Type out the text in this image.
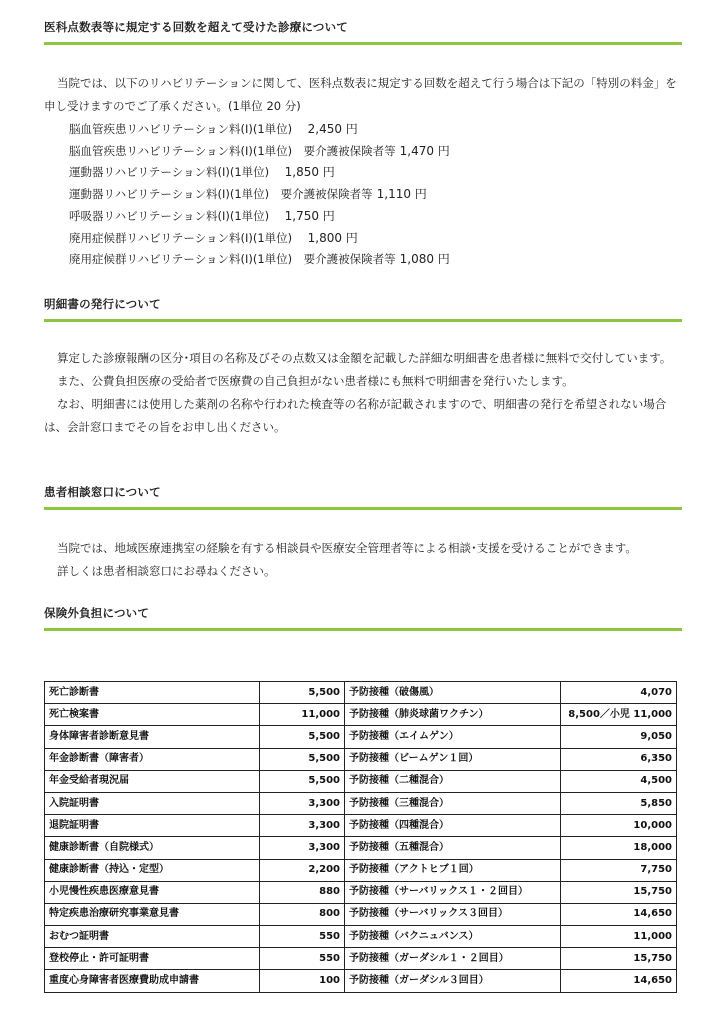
医科点数表等に規定する回数を超えて受けた診療について

当院では、以下のリハビリテーションに関して、医科点数表に規定する回数を超えて行う場合は下記の「特別の料金」を申し受けますのでご了承ください。(1単位 20 分)

脳血管疾患リハビリテーション料(Ⅰ)(1単位)　2,450 円
脳血管疾患リハビリテーション料(Ⅰ)(1単位)　要介護被保険者等 1,470 円
運動器リハビリテーション料(Ⅰ)(1単位)　1,850 円
運動器リハビリテーション料(Ⅰ)(1単位)　要介護被保険者等 1,110 円
呼吸器リハビリテーション料(Ⅰ)(1単位)　1,750 円
廃用症候群リハビリテーション料(Ⅰ)(1単位)　1,800 円
廃用症候群リハビリテーション料(Ⅰ)(1単位)　要介護被保険者等 1,080 円
明細書の発行について

算定した診療報酬の区分･項目の名称及びその点数又は金額を記載した詳細な明細書を患者様に無料で交付しています。

また、公費負担医療の受給者で医療費の自己負担がない患者様にも無料で明細書を発行いたします。

なお、明細書には使用した薬剤の名称や行われた検査等の名称が記載されますので、明細書の発行を希望されない場合は、会計窓口までその旨をお申し出ください。

患者相談窓口について

当院では、地域医療連携室の経験を有する相談員や医療安全管理者等による相談･支援を受けることができます。

詳しくは患者相談窓口にお尋ねください。

保険外負担について
死亡診断書	5,500	予防接種（破傷風）	4,070
死亡検案書	11,000	予防接種（肺炎球菌ワクチン）	8,500／小児 11,000
身体障害者診断意見書	5,500	予防接種（エイムゲン）	9,050
年金診断書（障害者）	5,500	予防接種（ビームゲン１回）	6,350
年金受給者現況届	5,500	予防接種（二種混合）	4,500
入院証明書	3,300	予防接種（三種混合）	5,850
退院証明書	3,300	予防接種（四種混合）	10,000
健康診断書（自院様式）	3,300	予防接種（五種混合）	18,000
健康診断書（持込・定型）	2,200	予防接種（アクトヒブ１回）	7,750
小児慢性疾患医療意見書	880	予防接種（サーバリックス１・２回目）	15,750
特定疾患治療研究事業意見書	800	予防接種（サーバリックス３回目）	14,650
おむつ証明書	550	予防接種（バクニュバンス）	11,000
登校停止・許可証明書	550	予防接種（ガーダシル１・２回目）	15,750
重度心身障害者医療費助成申請書	100	予防接種（ガーダシル３回目）	14,650
